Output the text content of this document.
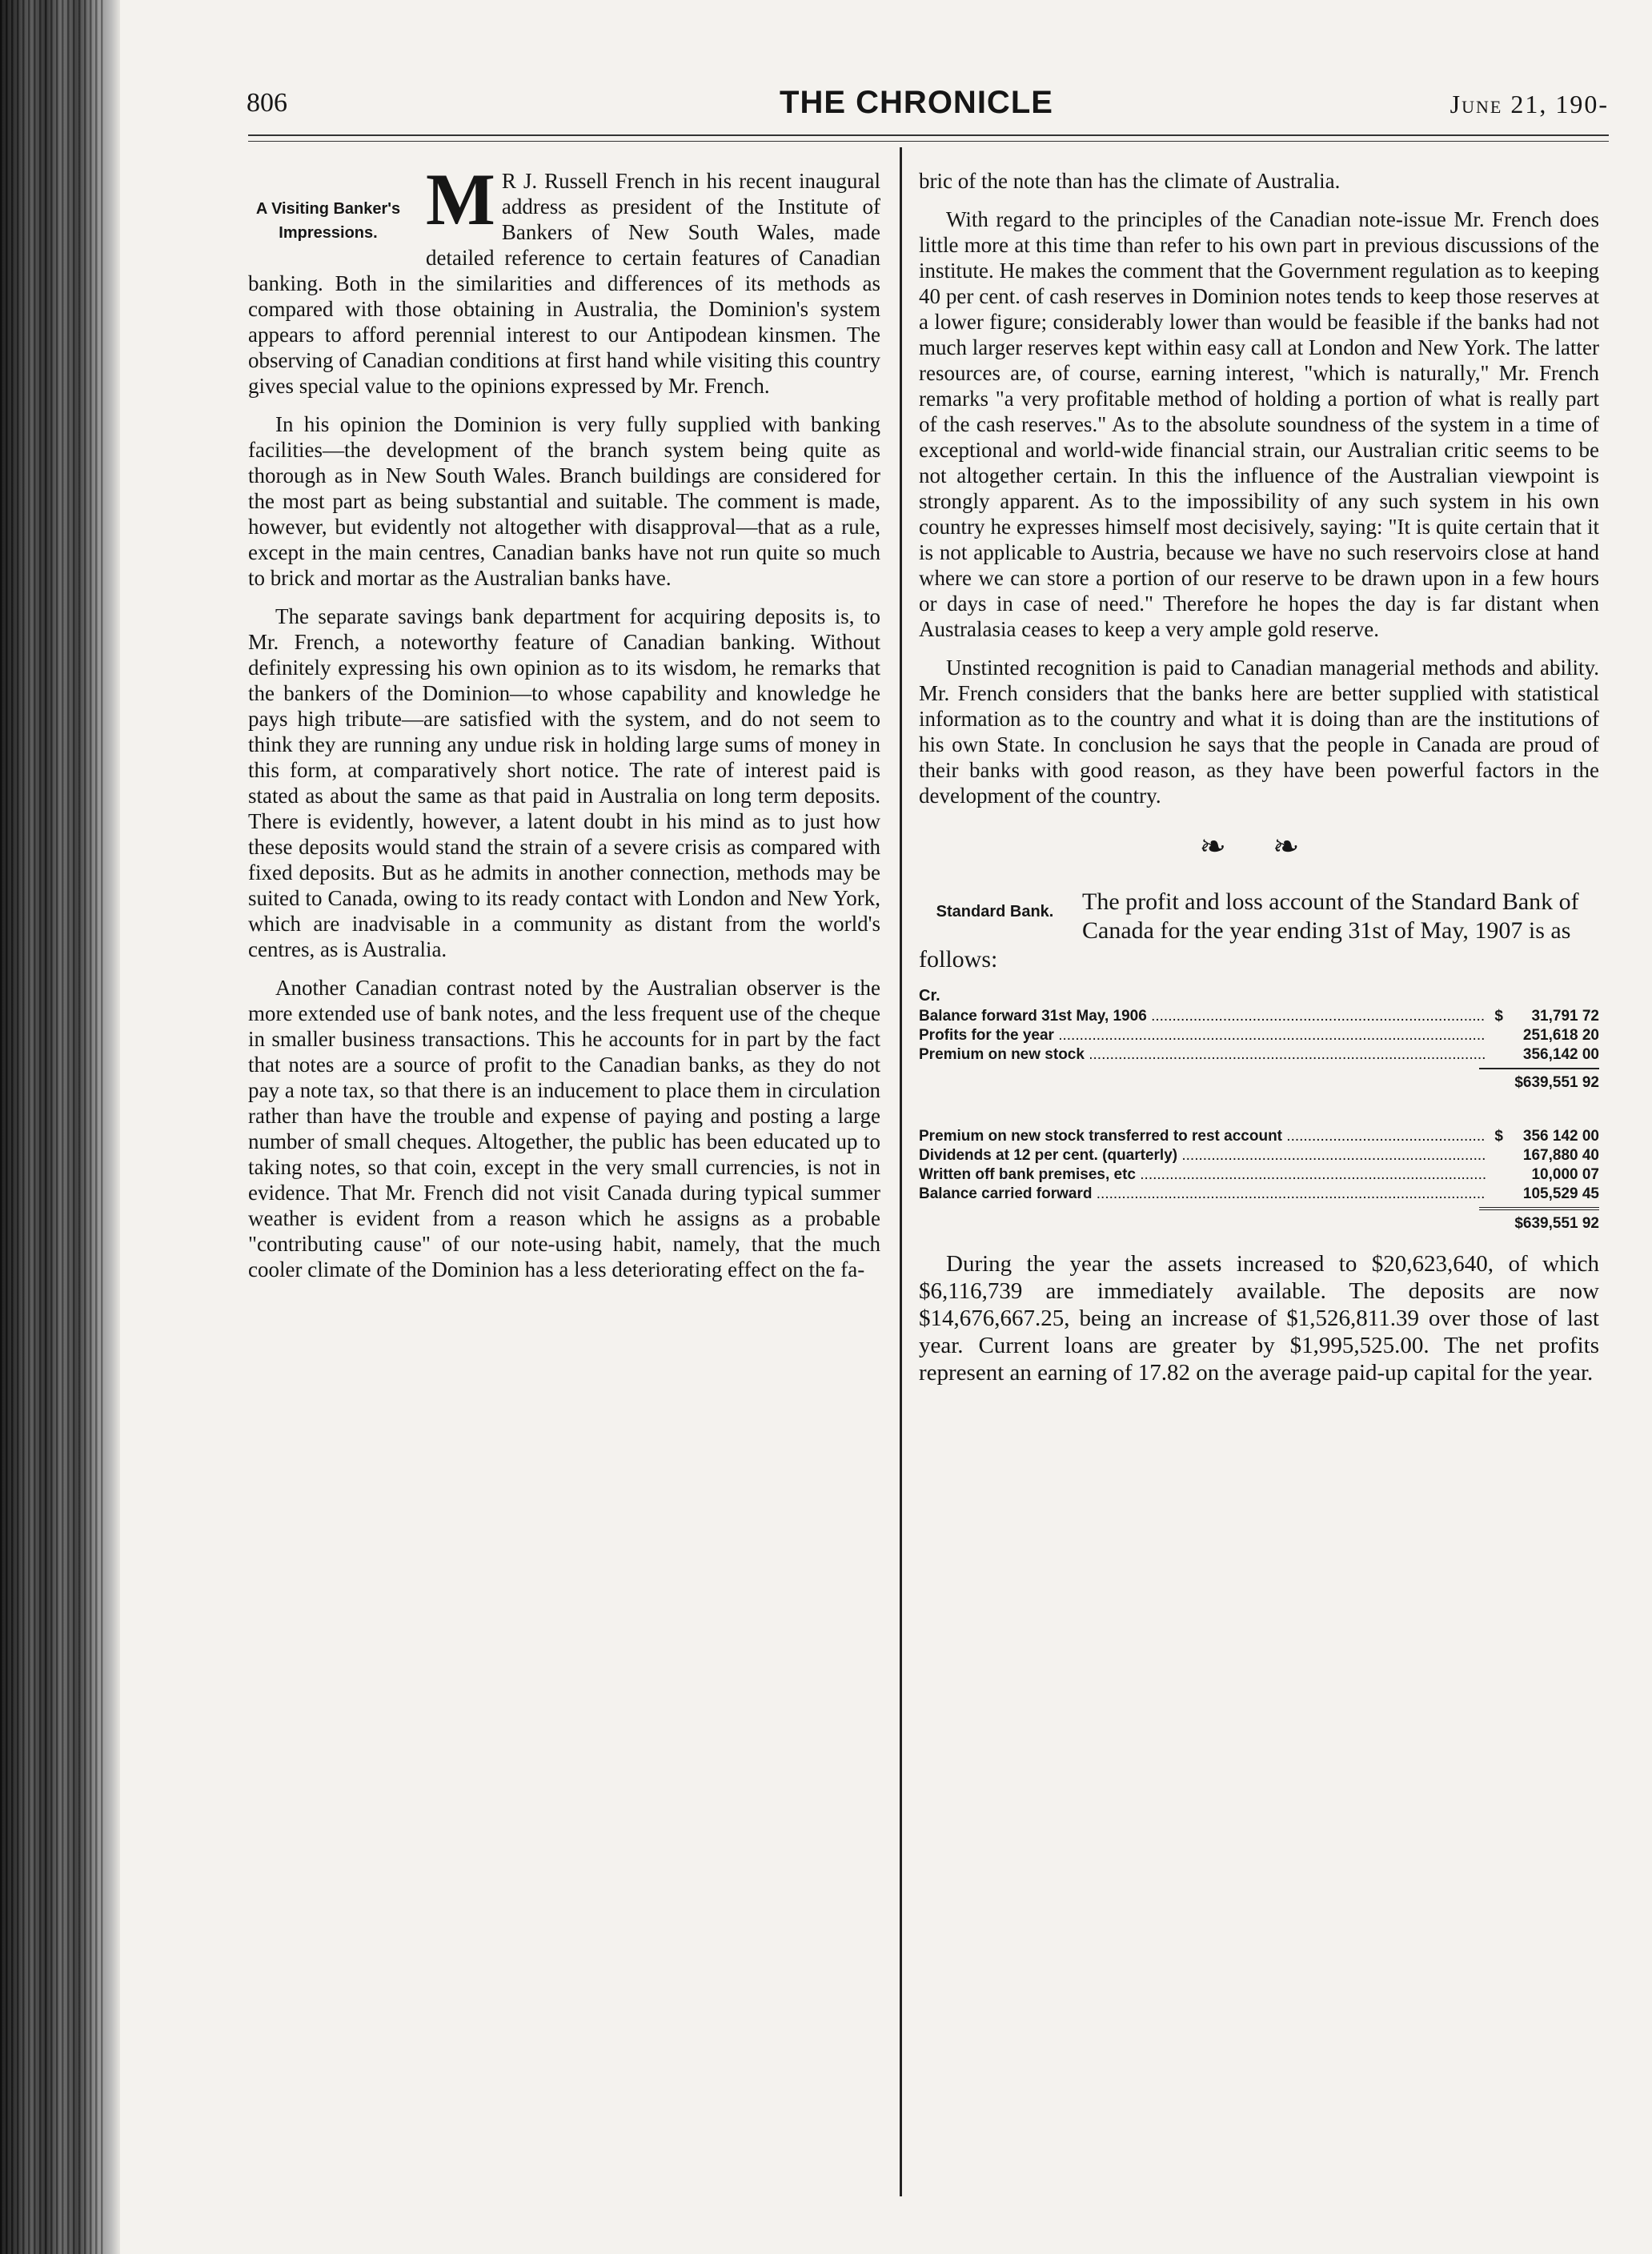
806	THE CHRONICLE	June 21, 190-
A Visiting Banker's Impressions. M R J. Russell French in his recent inaugural address as president of the Institute of Bankers of New South Wales, made detailed reference to certain features of Canadian banking. Both in the similarities and differences of its methods as compared with those obtaining in Australia, the Dominion's system appears to afford perennial interest to our Antipodean kinsmen. The observing of Canadian conditions at first hand while visiting this country gives special value to the opinions expressed by Mr. French.

In his opinion the Dominion is very fully supplied with banking facilities—the development of the branch system being quite as thorough as in New South Wales. Branch buildings are considered for the most part as being substantial and suitable. The comment is made, however, but evidently not altogether with disapproval—that as a rule, except in the main centres, Canadian banks have not run quite so much to brick and mortar as the Australian banks have.

The separate savings bank department for acquiring deposits is, to Mr. French, a noteworthy feature of Canadian banking. Without definitely expressing his own opinion as to its wisdom, he remarks that the bankers of the Dominion—to whose capability and knowledge he pays high tribute—are satisfied with the system, and do not seem to think they are running any undue risk in holding large sums of money in this form, at comparatively short notice. The rate of interest paid is stated as about the same as that paid in Australia on long term deposits. There is evidently, however, a latent doubt in his mind as to just how these deposits would stand the strain of a severe crisis as compared with fixed deposits. But as he admits in another connection, methods may be suited to Canada, owing to its ready contact with London and New York, which are inadvisable in a community as distant from the world's centres, as is Australia.

Another Canadian contrast noted by the Australian observer is the more extended use of bank notes, and the less frequent use of the cheque in smaller business transactions. This he accounts for in part by the fact that notes are a source of profit to the Canadian banks, as they do not pay a note tax, so that there is an inducement to place them in circulation rather than have the trouble and expense of paying and posting a large number of small cheques. Altogether, the public has been educated up to taking notes, so that coin, except in the very small currencies, is not in evidence. That Mr. French did not visit Canada during typical summer weather is evident from a reason which he assigns as a probable "contributing cause" of our note-using habit, namely, that the much cooler climate of the Dominion has a less deteriorating effect on the fa-

bric of the note than has the climate of Australia.

With regard to the principles of the Canadian note-issue Mr. French does little more at this time than refer to his own part in previous discussions of the institute. He makes the comment that the Government regulation as to keeping 40 per cent. of cash reserves in Dominion notes tends to keep those reserves at a lower figure; considerably lower than would be feasible if the banks had not much larger reserves kept within easy call at London and New York. The latter resources are, of course, earning interest, "which is naturally," Mr. French remarks "a very profitable method of holding a portion of what is really part of the cash reserves." As to the absolute soundness of the system in a time of exceptional and world-wide financial strain, our Australian critic seems to be not altogether certain. In this the influence of the Australian viewpoint is strongly apparent. As to the impossibility of any such system in his own country he expresses himself most decisively, saying: "It is quite certain that it is not applicable to Austria, because we have no such reservoirs close at hand where we can store a portion of our reserve to be drawn upon in a few hours or days in case of need." Therefore he hopes the day is far distant when Australasia ceases to keep a very ample gold reserve.

Unstinted recognition is paid to Canadian managerial methods and ability. Mr. French considers that the banks here are better supplied with statistical information as to the country and what it is doing than are the institutions of his own State. In conclusion he says that the people in Canada are proud of their banks with good reason, as they have been powerful factors in the development of the country.

❧ ❧
Standard Bank.	The profit and loss account of the Standard Bank of Canada for the year ending 31st of May, 1907 is as follows:

Cr.
Balance forward 31st May, 1906 .....	$	31,791 72
Profits for the year .....	251,618 20
Premium on new stock .....	356,142 00
$639,551 92
Premium on new stock transferred to rest account .....	$	356 142 00
Dividends at 12 per cent. (quarterly) .....	167,880 40
Written off bank premises, etc .....	10,000 07
Balance carried forward .....	105,529 45
$639,551 92

During the year the assets increased to $20,623,640, of which $6,116,739 are immediately available. The deposits are now $14,676,667.25, being an increase of $1,526,811.39 over those of last year. Current loans are greater by $1,995,525.00. The net profits represent an earning of 17.82 on the average paid-up capital for the year.
